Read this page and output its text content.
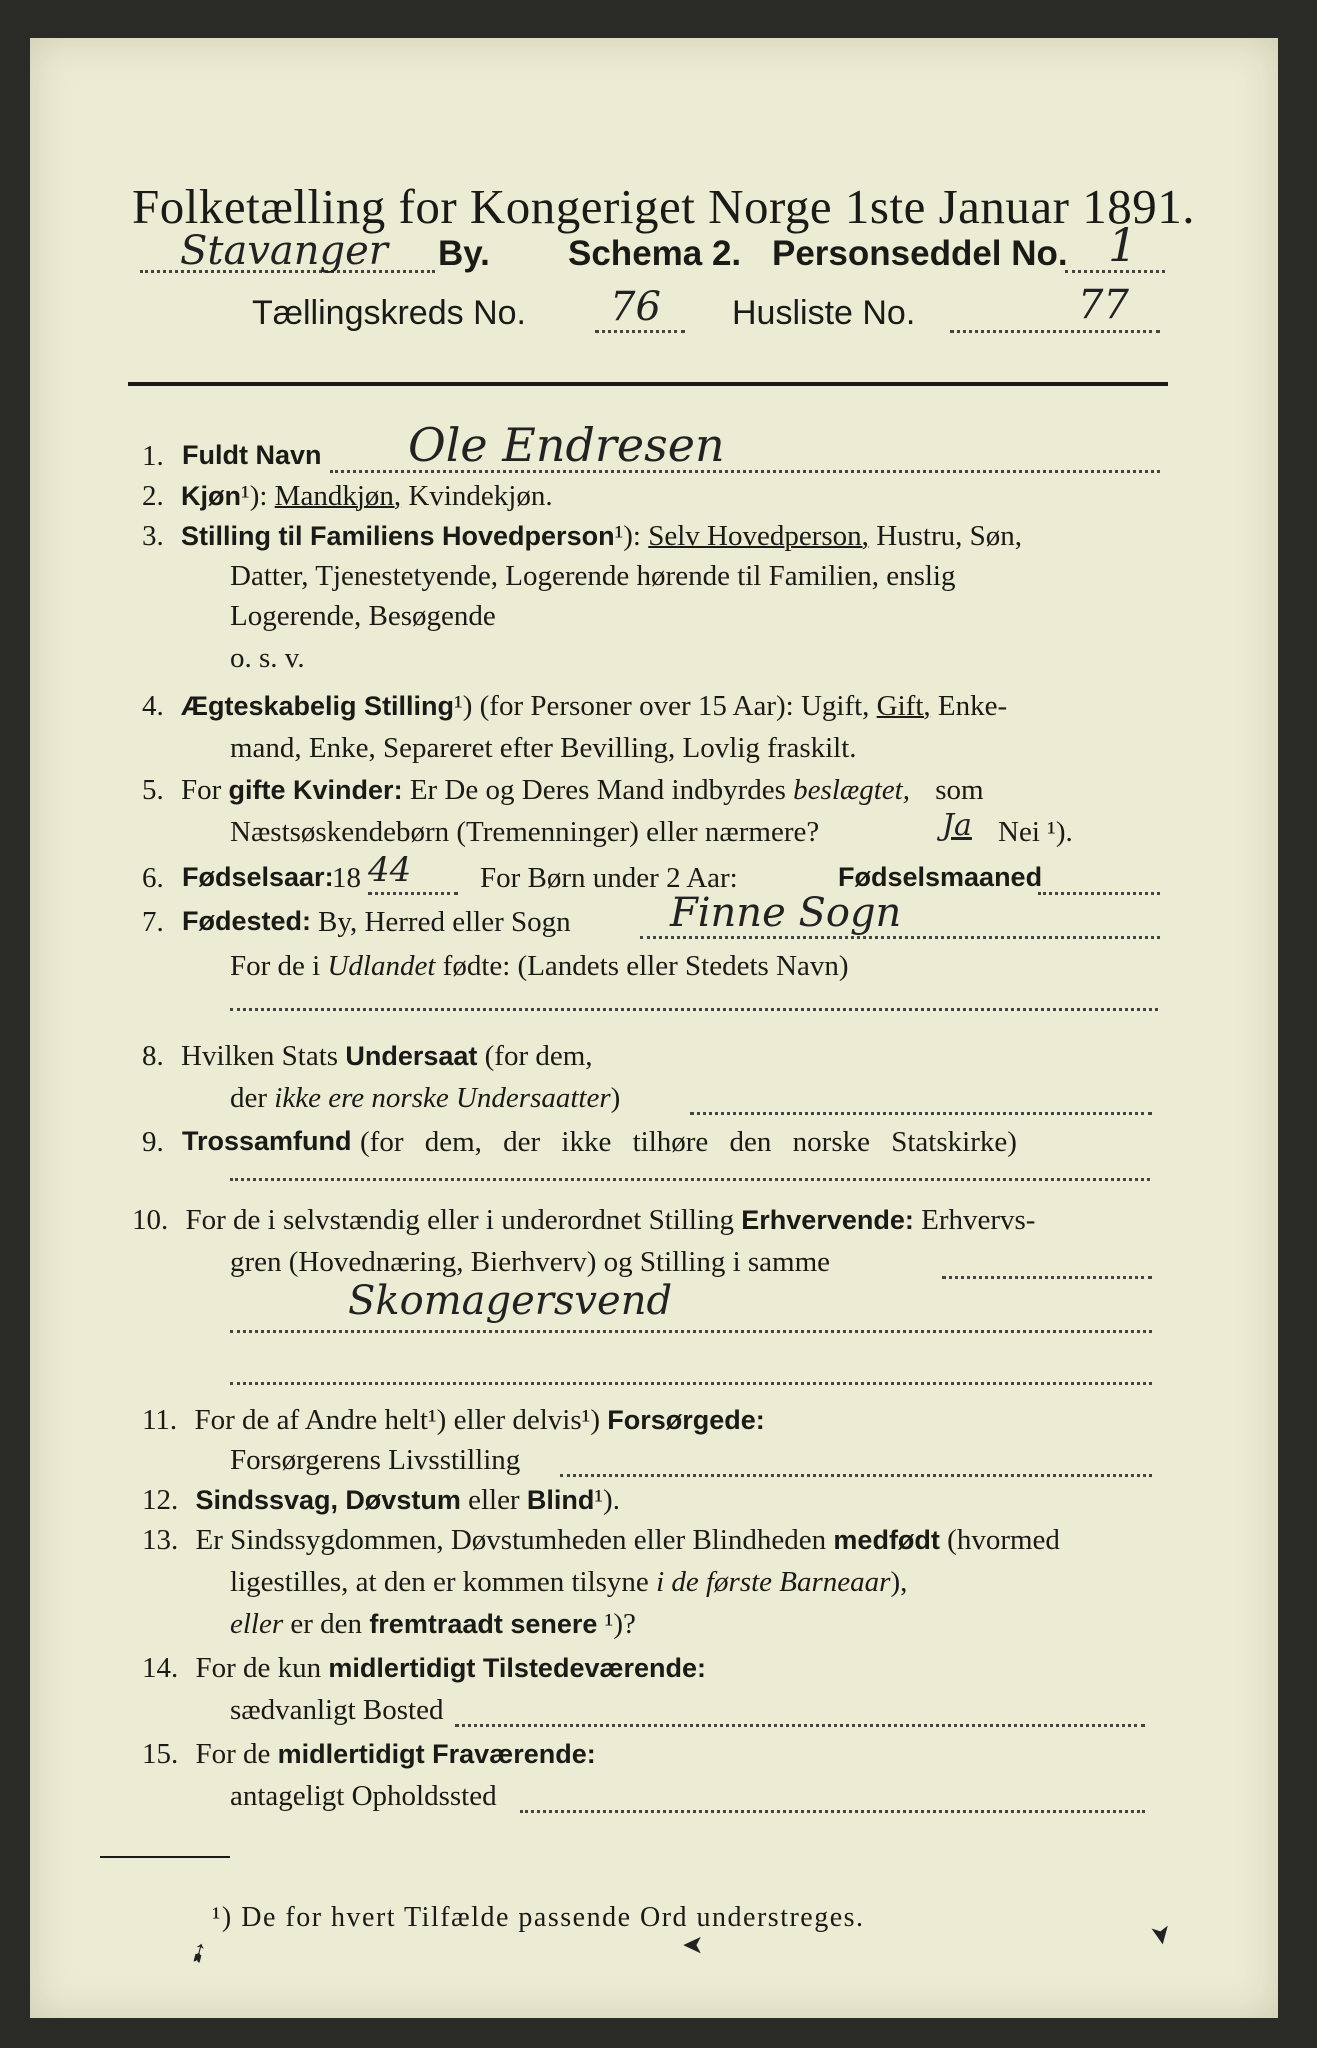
Folketælling for Kongeriget Norge 1ste Januar 1891.
Stavanger By. Schema 2. Personseddel No. 1
Tællingskreds No. 76 Husliste No.	77
1. Fuldt Navn Ole Endresen
2. Kjøn¹): Mandkjøn, Kvindekjøn.
3. Stilling til Familiens Hovedperson¹): Selv Hovedperson, Hustru, Søn,
Datter, Tjenestetyende, Logerende hørende til Familien, enslig
Logerende, Besøgende
o. s. v.
4. Ægteskabelig Stilling¹) (for Personer over 15 Aar): Ugift, Gift, Enke-
mand, Enke, Separeret efter Bevilling, Lovlig fraskilt.
5. For gifte Kvinder: Er De og Deres Mand indbyrdes beslægtet, som
Næstsøskendebørn (Tremenninger) eller nærmere?	Ja Nei ¹).
6. Fødselsaar:
18 44 For Børn under 2 Aar:	Fødselsmaaned
7. Fødested: By, Herred eller Sogn Finne Sogn
For de i Udlandet fødte: (Landets eller Stedets Navn)
8. Hvilken Stats Undersaat (for dem,
der ikke ere norske Undersaatter)
9. Trossamfund (for dem, der ikke tilhøre den norske Statskirke)
10. For de i selvstændig eller i underordnet Stilling Erhvervende: Erhvervs-
gren (Hovednæring, Bierhverv) og Stilling i samme
Skomagersvend
11. For de af Andre helt¹) eller delvis¹) Forsørgede:
Forsørgerens Livsstilling
12. Sindssvag, Døvstum eller Blind¹).
13. Er Sindssygdommen, Døvstumheden eller Blindheden medfødt (hvormed
ligestilles, at den er kommen tilsyne i de første Barneaar),
eller er den fremtraadt senere ¹)?
14. For de kun midlertidigt Tilstedeværende:
sædvanligt Bosted
15. For de midlertidigt Fraværende:
antageligt Opholdssted
¹) De for hvert Tilfælde passende Ord understreges.
➹	➤	➤
